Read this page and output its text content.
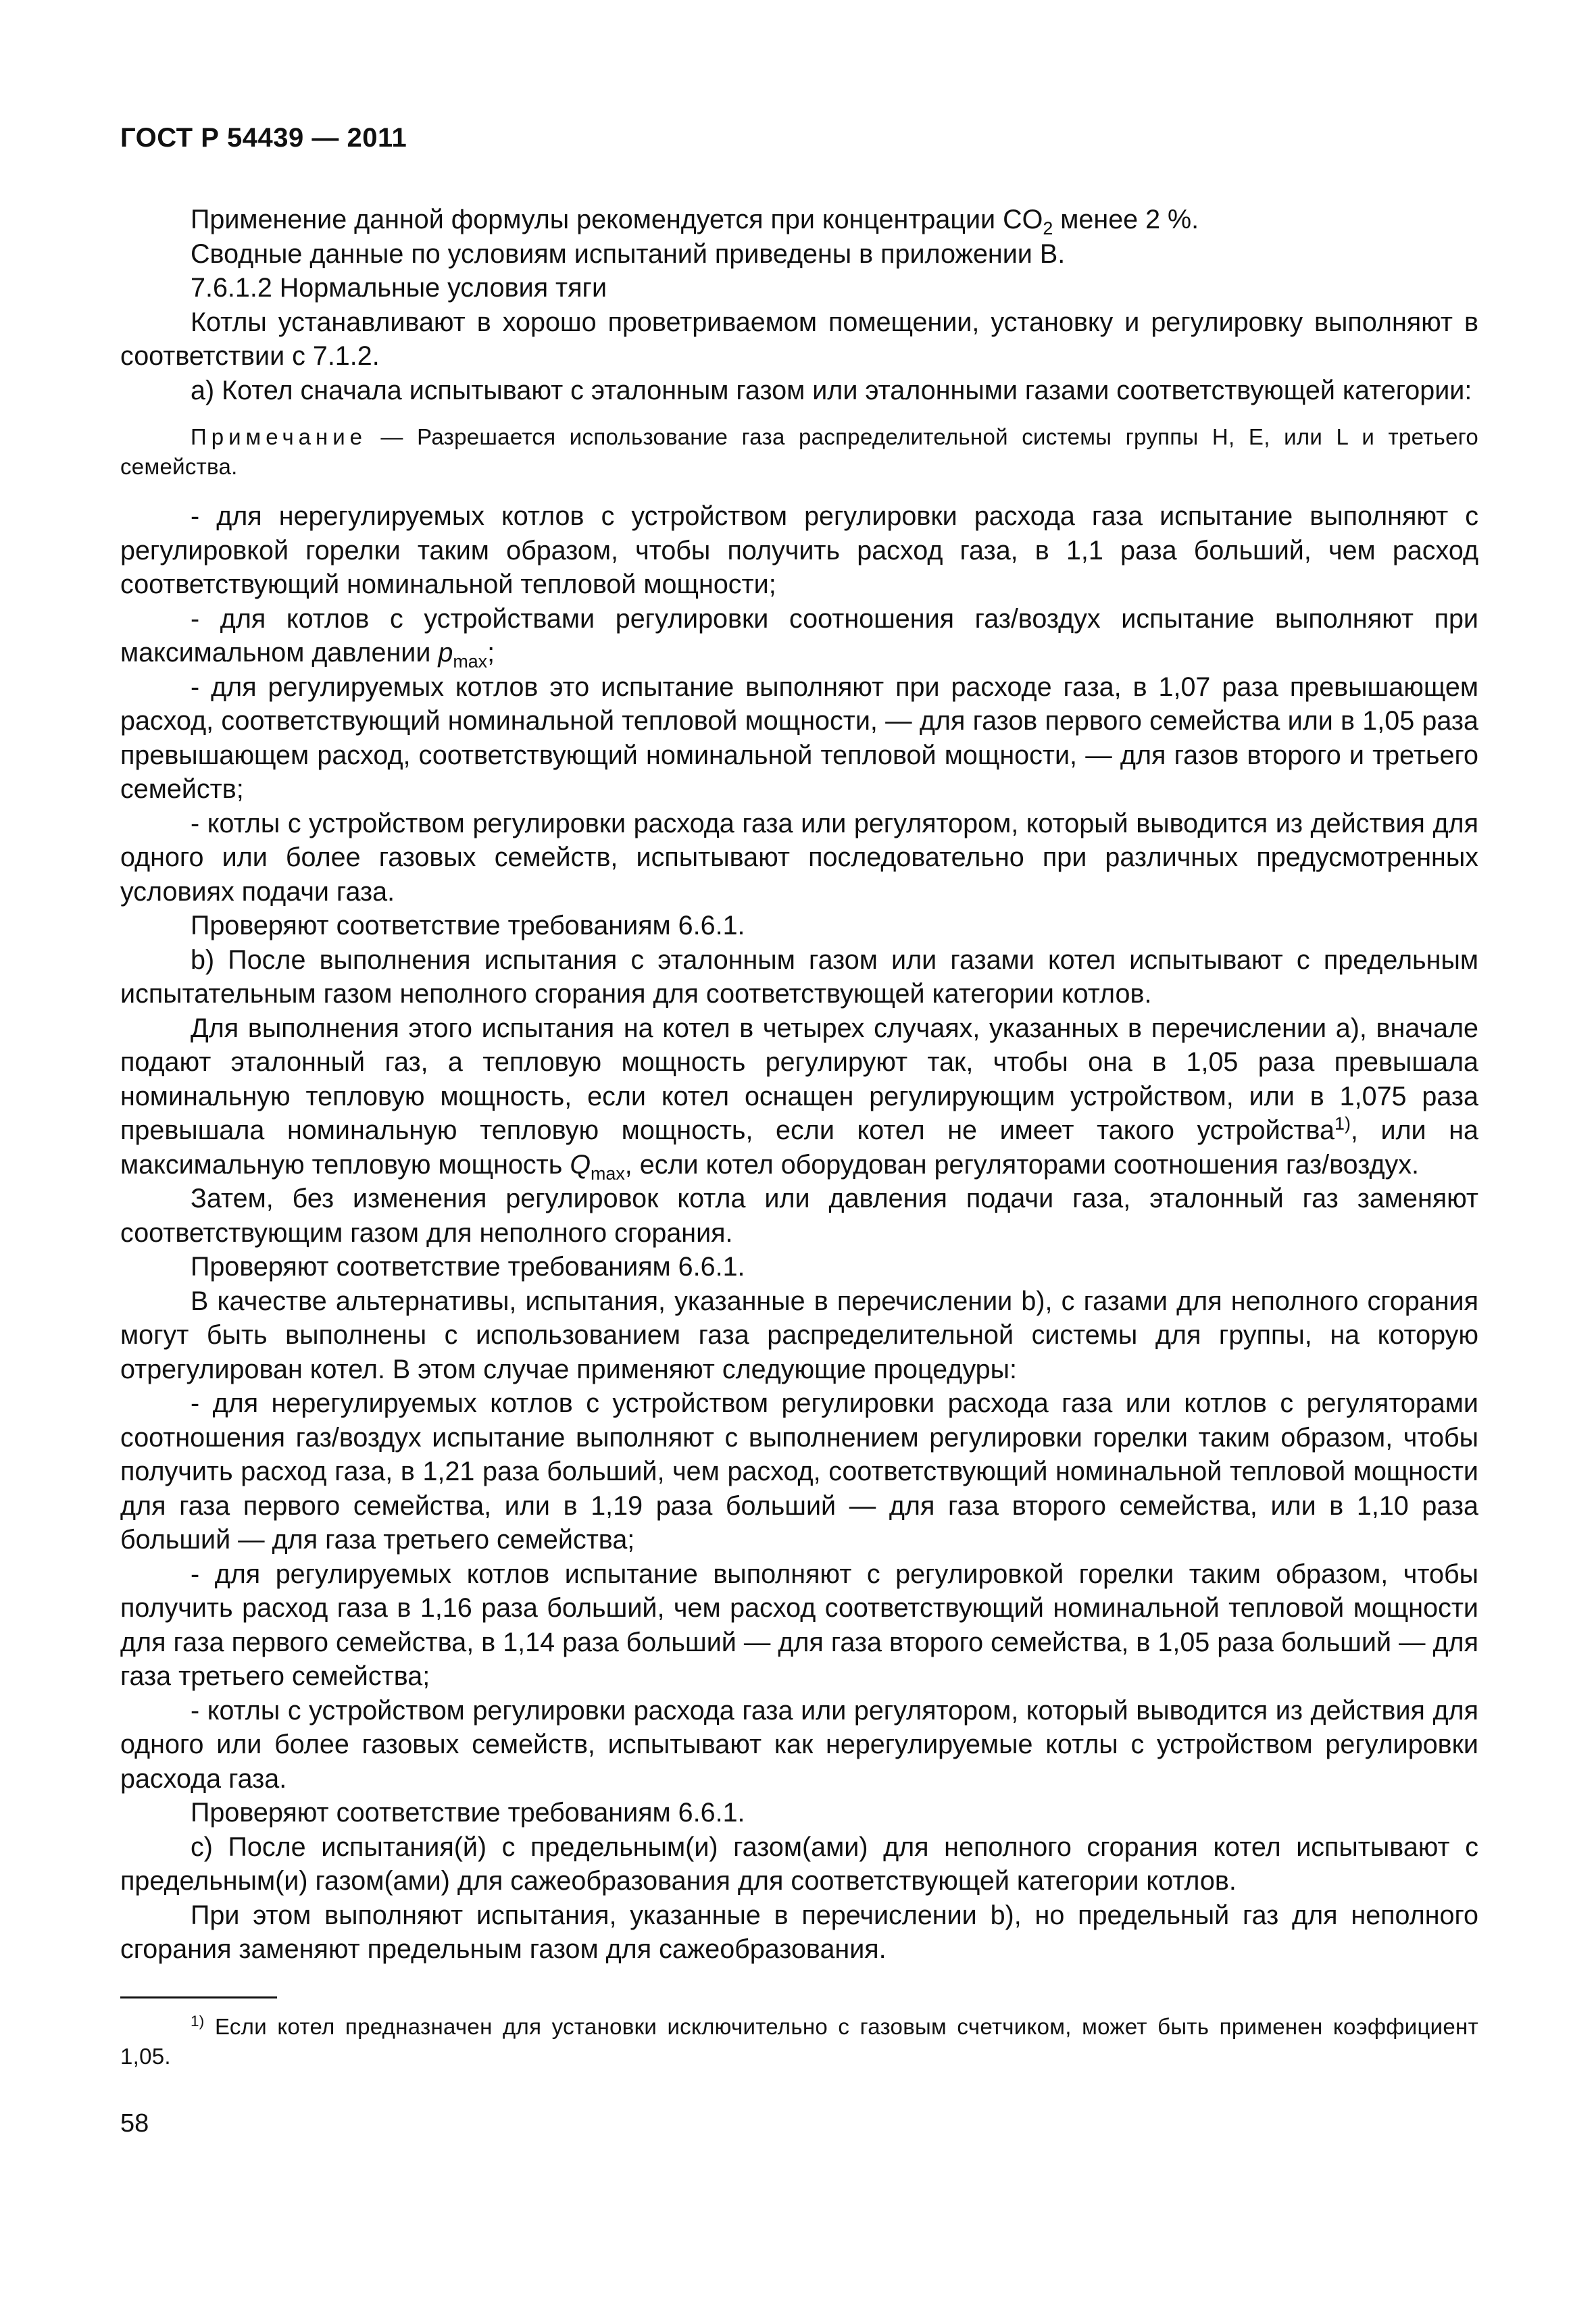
ГОСТ Р 54439 — 2011

Применение данной формулы рекомендуется при концентрации $CO_2$ менее 2 %.

Сводные данные по условиям испытаний приведены в приложении В.

7.6.1.2 Нормальные условия тяги

Котлы устанавливают в хорошо проветриваемом помещении, установку и регулировку выполняют в соответствии с 7.1.2.

a) Котел сначала испытывают с эталонным газом или эталонными газами соответствующей категории:

Примечание — Разрешается использование газа распределительной системы группы H, E, или L и третьего семейства.

- для нерегулируемых котлов с устройством регулировки расхода газа испытание выполняют с регулировкой горелки таким образом, чтобы получить расход газа, в 1,1 раза больший, чем расход соответствующий номинальной тепловой мощности;

- для котлов с устройствами регулировки соотношения газ/воздух испытание выполняют при максимальном давлении $p_{max}$;

- для регулируемых котлов это испытание выполняют при расходе газа, в 1,07 раза превышающем расход, соответствующий номинальной тепловой мощности, — для газов первого семейства или в 1,05 раза превышающем расход, соответствующий номинальной тепловой мощности, — для газов второго и третьего семейств;

- котлы с устройством регулировки расхода газа или регулятором, который выводится из действия для одного или более газовых семейств, испытывают последовательно при различных предусмотренных условиях подачи газа.

Проверяют соответствие требованиям 6.6.1.

b) После выполнения испытания с эталонным газом или газами котел испытывают с предельным испытательным газом неполного сгорания для соответствующей категории котлов.

Для выполнения этого испытания на котел в четырех случаях, указанных в перечислении а), вначале подают эталонный газ, а тепловую мощность регулируют так, чтобы она в 1,05 раза превышала номинальную тепловую мощность, если котел оснащен регулирующим устройством, или в 1,075 раза превышала номинальную тепловую мощность, если котел не имеет такого устройства$^{1)}$, или на максимальную тепловую мощность $Q_{max}$, если котел оборудован регуляторами соотношения газ/воздух.

Затем, без изменения регулировок котла или давления подачи газа, эталонный газ заменяют соответствующим газом для неполного сгорания.

Проверяют соответствие требованиям 6.6.1.

В качестве альтернативы, испытания, указанные в перечислении b), с газами для неполного сгорания могут быть выполнены с использованием газа распределительной системы для группы, на которую отрегулирован котел. В этом случае применяют следующие процедуры:

- для нерегулируемых котлов с устройством регулировки расхода газа или котлов с регуляторами соотношения газ/воздух испытание выполняют с выполнением регулировки горелки таким образом, чтобы получить расход газа, в 1,21 раза больший, чем расход, соответствующий номинальной тепловой мощности для газа первого семейства, или в 1,19 раза больший — для газа второго семейства, или в 1,10 раза больший — для газа третьего семейства;

- для регулируемых котлов испытание выполняют с регулировкой горелки таким образом, чтобы получить расход газа в 1,16 раза больший, чем расход соответствующий номинальной тепловой мощности для газа первого семейства, в 1,14 раза больший — для газа второго семейства, в 1,05 раза больший — для газа третьего семейства;

- котлы с устройством регулировки расхода газа или регулятором, который выводится из действия для одного или более газовых семейств, испытывают как нерегулируемые котлы с устройством регулировки расхода газа.

Проверяют соответствие требованиям 6.6.1.

c) После испытания(й) с предельным(и) газом(ами) для неполного сгорания котел испытывают с предельным(и) газом(ами) для сажеобразования для соответствующей категории котлов.

При этом выполняют испытания, указанные в перечислении b), но предельный газ для неполного сгорания заменяют предельным газом для сажеобразования.

$^{1)}$ Если котел предназначен для установки исключительно с газовым счетчиком, может быть применен коэффициент 1,05.

58
